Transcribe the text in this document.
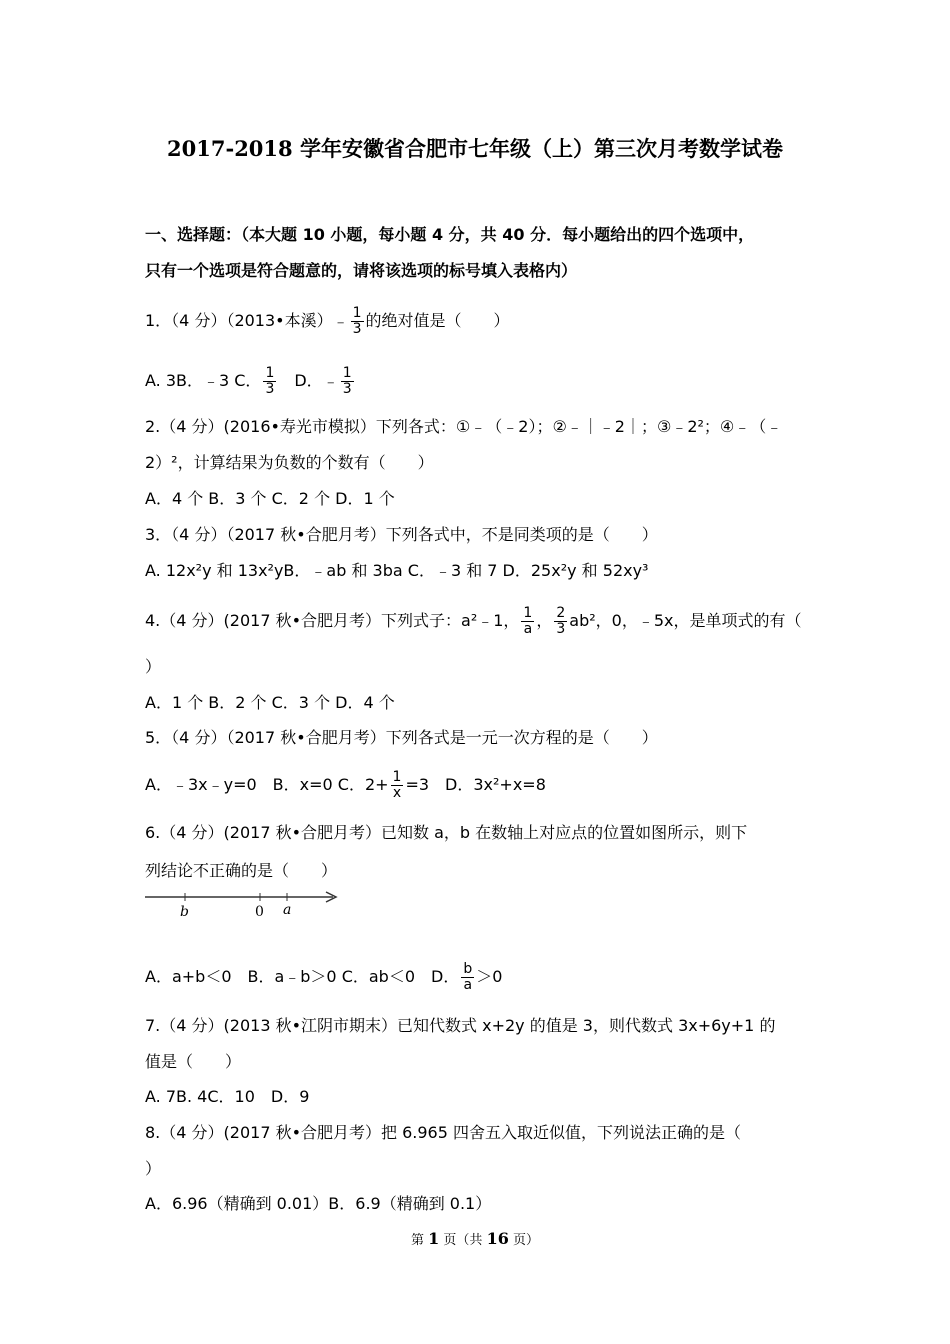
2017-2018 学年安徽省合肥市七年级（上）第三次月考数学试卷
一、选择题：（本大题 10 小题，每小题 4 分，共 40 分．每小题给出的四个选项中，
只有一个选项是符合题意的，请将该选项的标号填入表格内）
1．（4 分）（2013•本溪）﹣ $\frac{1}{3}$ 的绝对值是（　　）
A. 3B．﹣3 C． $\frac{1}{3}$ 　D．﹣ $\frac{1}{3}$
2.（4 分）(2016•寿光市模拟）下列各式：①﹣（﹣2）；②﹣｜﹣2｜；③﹣2²；④﹣（﹣
2）²，计算结果为负数的个数有（　　）
A．4 个 B．3 个 C．2 个 D．1 个
3．（4 分）（2017 秋•合肥月考）下列各式中，不是同类项的是（　　）
A. 12x²y 和 13x²yB．﹣ab 和 3ba C．﹣3 和 7 D．25x²y 和 52xy³
4.（4 分）(2017 秋•合肥月考）下列式子：a²﹣1， $\frac{1}{a}$ ， $\frac{2}{3} ab^2$，0，﹣5x，是单项式的有（
）
A．1 个 B．2 个 C．3 个 D．4 个
5．（4 分）（2017 秋•合肥月考）下列各式是一元一次方程的是（　　）
A．﹣3x﹣y=0　B．x=0 C．$2+ \frac{1}{x} =3$　D．3x²+x=8
6.（4 分）(2017 秋•合肥月考）已知数 a，b 在数轴上对应点的位置如图所示，则下
列结论不正确的是（　　）
b	0 a
A．a+b＜0　B．a﹣b＞0 C．ab＜0　D． $\frac{b}{a} >0$
7.（4 分）(2013 秋•江阴市期末）已知代数式 x+2y 的值是 3，则代数式 3x+6y+1 的
值是（　　）
A. 7B. 4C．10　D．9
8.（4 分）(2017 秋•合肥月考）把 6.965 四舍五入取近似值，下列说法正确的是（
）
A．6.96（精确到 0.01）B．6.9（精确到 0.1）
第 1 页（共 16 页）
